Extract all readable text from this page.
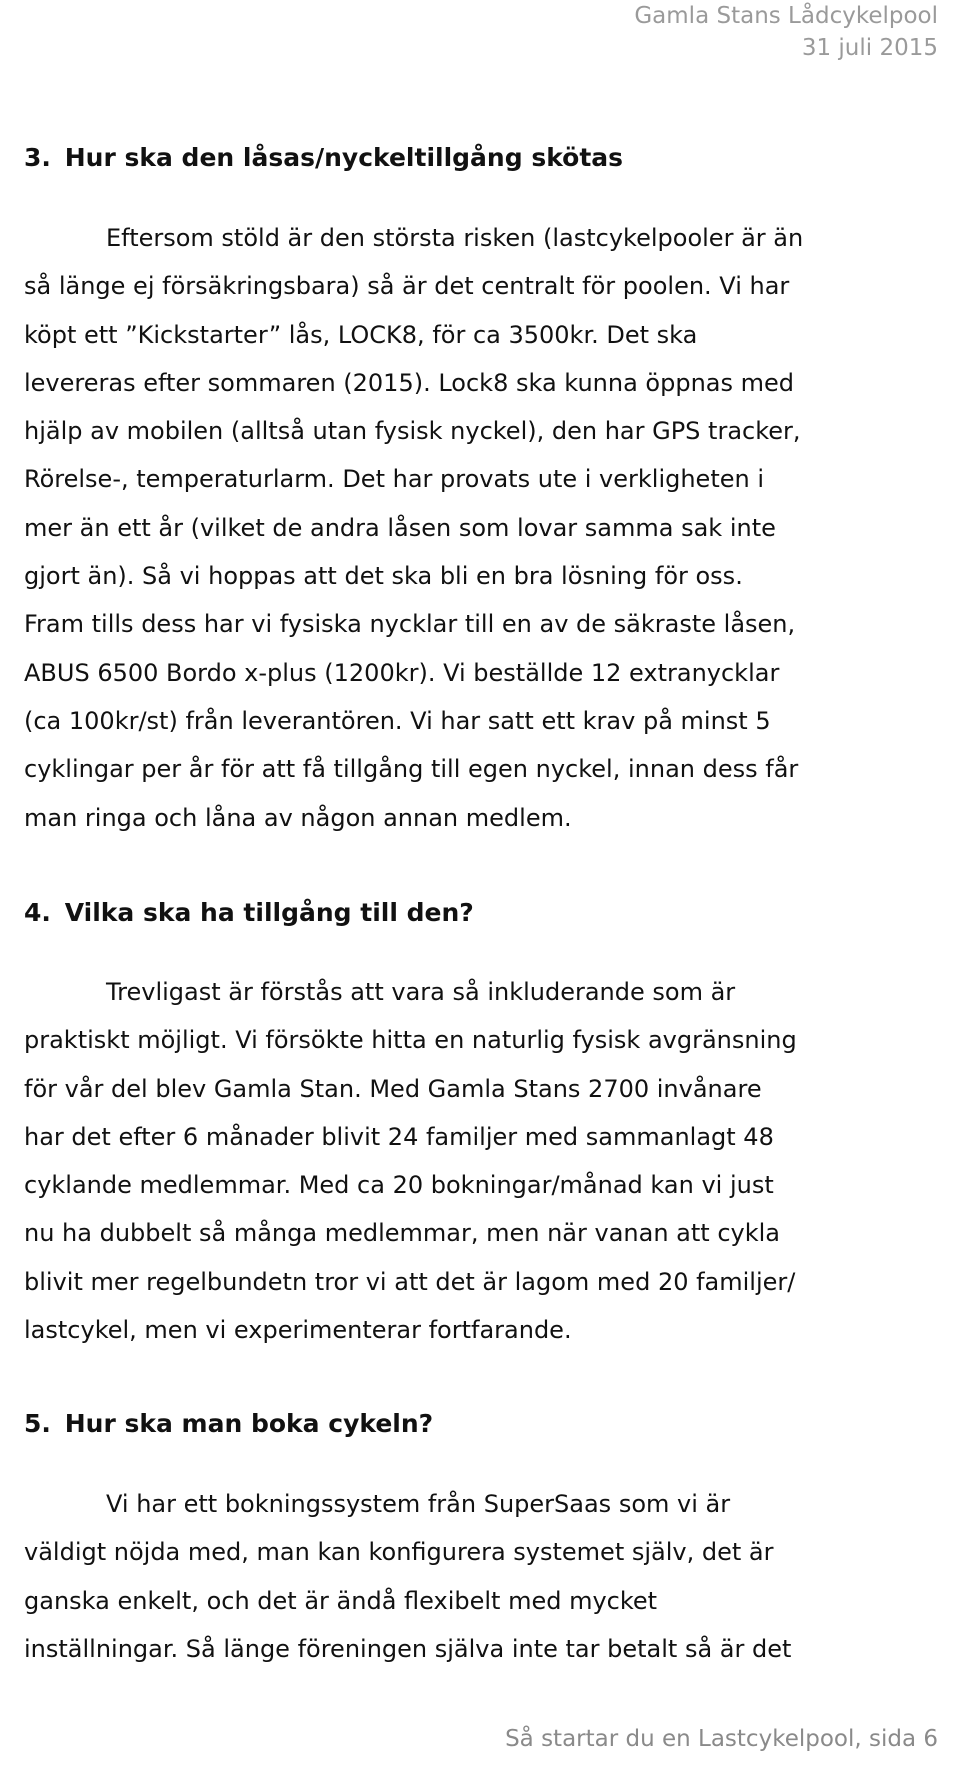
Gamla Stans Lådcykelpool
31 juli 2015
3. Hur ska den låsas/nyckeltillgång skötas
Eftersom stöld är den största risken (lastcykelpooler är än
så länge ej försäkringsbara) så är det centralt för poolen. Vi har
köpt ett ”Kickstarter” lås, LOCK8, för ca 3500kr. Det ska
levereras efter sommaren (2015). Lock8 ska kunna öppnas med
hjälp av mobilen (alltså utan fysisk nyckel), den har GPS tracker,
Rörelse-, temperaturlarm. Det har provats ute i verkligheten i
mer än ett år (vilket de andra låsen som lovar samma sak inte
gjort än). Så vi hoppas att det ska bli en bra lösning för oss.
Fram tills dess har vi fysiska nycklar till en av de säkraste låsen,
ABUS 6500 Bordo x-plus (1200kr). Vi beställde 12 extranycklar
(ca 100kr/st) från leverantören. Vi har satt ett krav på minst 5
cyklingar per år för att få tillgång till egen nyckel, innan dess får
man ringa och låna av någon annan medlem.
4. Vilka ska ha tillgång till den?
Trevligast är förstås att vara så inkluderande som är
praktiskt möjligt. Vi försökte hitta en naturlig fysisk avgränsning
för vår del blev Gamla Stan. Med Gamla Stans 2700 invånare
har det efter 6 månader blivit 24 familjer med sammanlagt 48
cyklande medlemmar. Med ca 20 bokningar/månad kan vi just
nu ha dubbelt så många medlemmar, men när vanan att cykla
blivit mer regelbundetn tror vi att det är lagom med 20 familjer/
lastcykel, men vi experimenterar fortfarande.
5. Hur ska man boka cykeln?
Vi har ett bokningssystem från SuperSaas som vi är
väldigt nöjda med, man kan konfigurera systemet själv, det är
ganska enkelt, och det är ändå flexibelt med mycket
inställningar. Så länge föreningen själva inte tar betalt så är det
Så startar du en Lastcykelpool, sida 6
